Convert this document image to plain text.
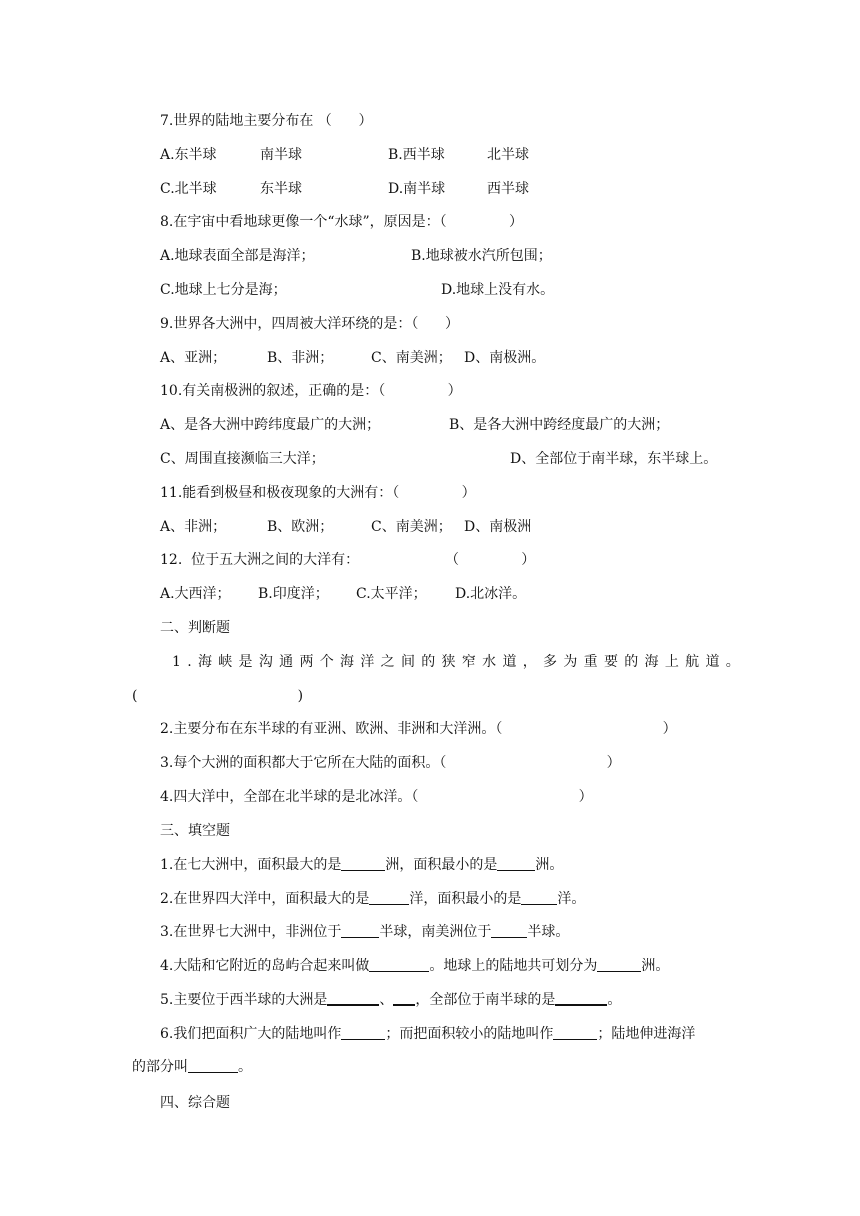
7.世界的陆地主要分布在 （      ）

A.东半球

	南半球

	B.西半球

	北半球

C.北半球

	东半球

	D.南半球

	西半球

8.在宇宙中看地球更像一个“水球”，原因是：（              ）

A.地球表面全部是海洋；

	B.地球被水汽所包围；

C.地球上七分是海；

	D.地球上没有水。

9.世界各大洲中，四周被大洋环绕的是：（      ）

A、亚洲；

	B、非洲；

	C、南美洲；

D、南极洲。

10.有关南极洲的叙述，正确的是：（              ）

A、是各大洲中跨纬度最广的大洲；

	B、是各大洲中跨经度最广的大洲；

C、周围直接濒临三大洋；

	D、全部位于南半球，东半球上。

11.能看到极昼和极夜现象的大洲有：（              ）

A、非洲；

	B、欧洲；

	C、南美洲；

D、南极洲

12.  位于五大洲之间的大洋有：

	（              ）

A.大西洋；

B.印度洋；

C.太平洋；

D.北冰洋。

二、判断题
1.海峡是沟通两个海洋之间的狭窄水道，多为重要的海上航道。
(                                    )
2.主要分布在东半球的有亚洲、欧洲、非洲和大洋洲。（                                    ）
3.每个大洲的面积都大于它所在大陆的面积。（                                    ）
4.四大洋中，全部在北半球的是北冰洋。（                                    ）
三、填空题
1.在七大洲中，面积最大的是	洲，面积最小的是	洲。
2.在世界四大洋中，面积最大的是	洋，面积最小的是	洋。
3.在世界七大洲中，非洲位于	半球，南美洲位于	半球。
4.大陆和它附近的岛屿合起来叫做	。地球上的陆地共可划分为	洲。
5.主要位于西半球的大洲是	、 ，全部位于南半球的是	。
6.我们把面积广大的陆地叫作	；而把面积较小的陆地叫作	；陆地伸进海洋
的部分叫	。
四、综合题
